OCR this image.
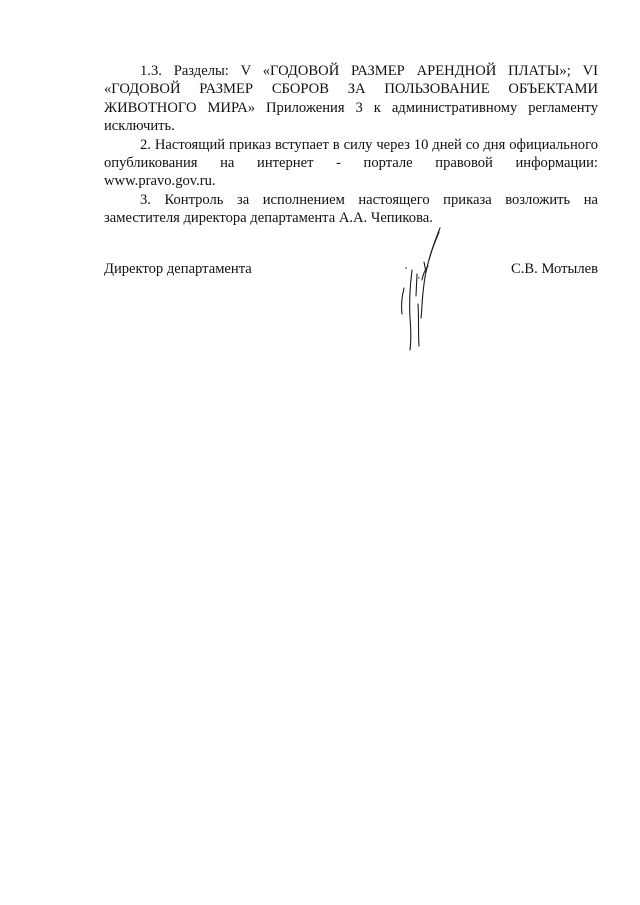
1.3. Разделы: V «ГОДОВОЙ РАЗМЕР АРЕНДНОЙ ПЛАТЫ»; VI «ГОДОВОЙ РАЗМЕР СБОРОВ ЗА ПОЛЬЗОВАНИЕ ОБЪЕКТАМИ ЖИВОТНОГО МИРА» Приложения 3 к административному регламенту исключить.

2. Настоящий приказ вступает в силу через 10 дней со дня официального опубликования на интернет - портале правовой информации: www.pravo.gov.ru.

3. Контроль за исполнением настоящего приказа возложить на заместителя директора департамента А.А. Чепикова.

Директор департамента	С.В. Мотылев
